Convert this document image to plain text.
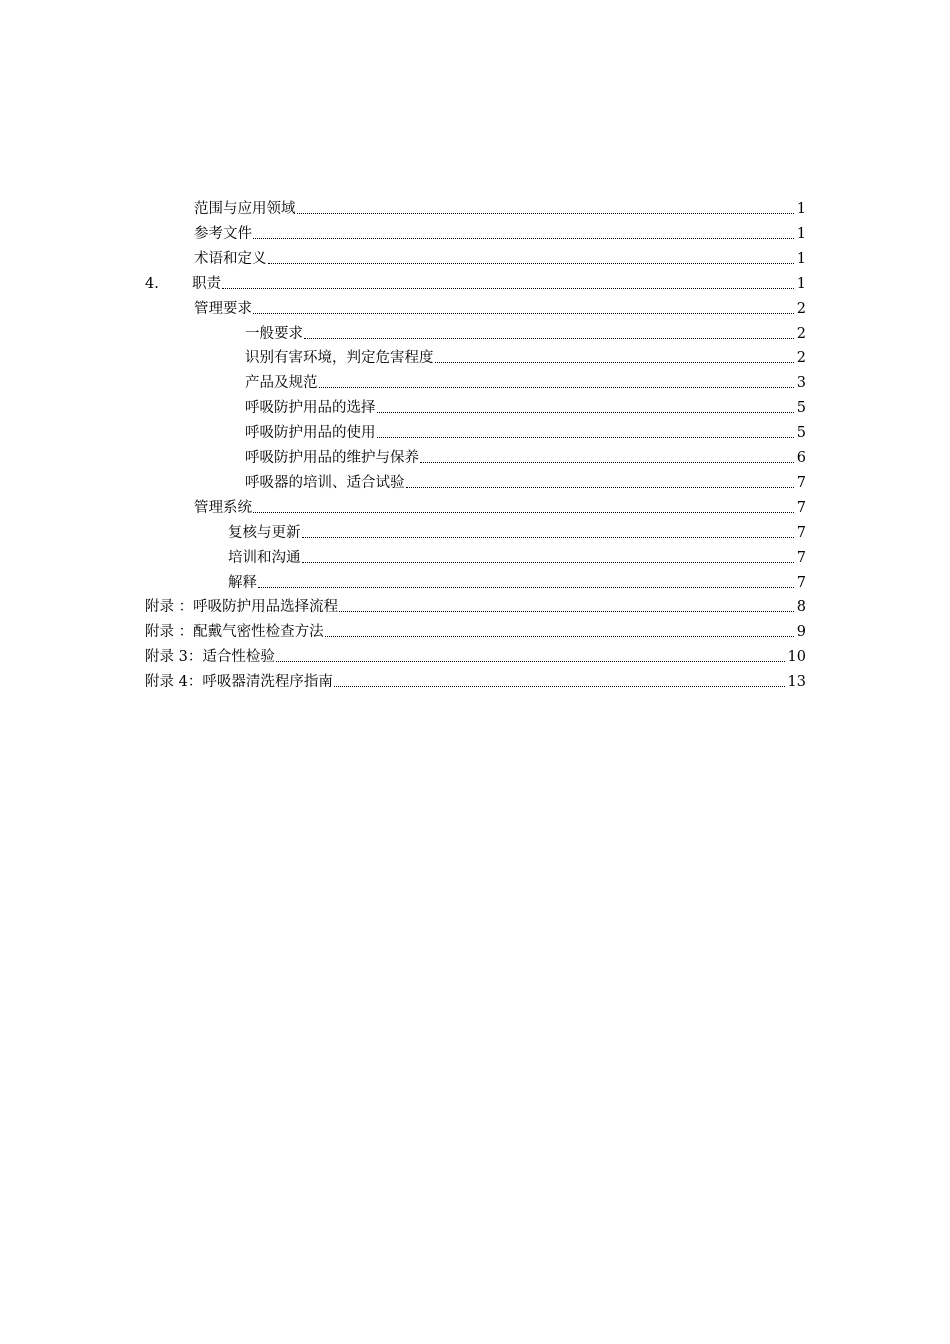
范围与应用领域	1
参考文件	1
术语和定义	1
4.	职责	1
管理要求	2
一般要求	2
识别有害环境，判定危害程度	2
产品及规范	3
呼吸防护用品的选择	5
呼吸防护用品的使用	5
呼吸防护用品的维护与保养	6
呼吸器的培训、适合试验	7
管理系统	7
复核与更新	7
培训和沟通	7
解释	7
附录 ：呼吸防护用品选择流程	8
附录 ：配戴气密性检查方法	9
附录 3：适合性检验	10
附录 4：呼吸器清洗程序指南	13
